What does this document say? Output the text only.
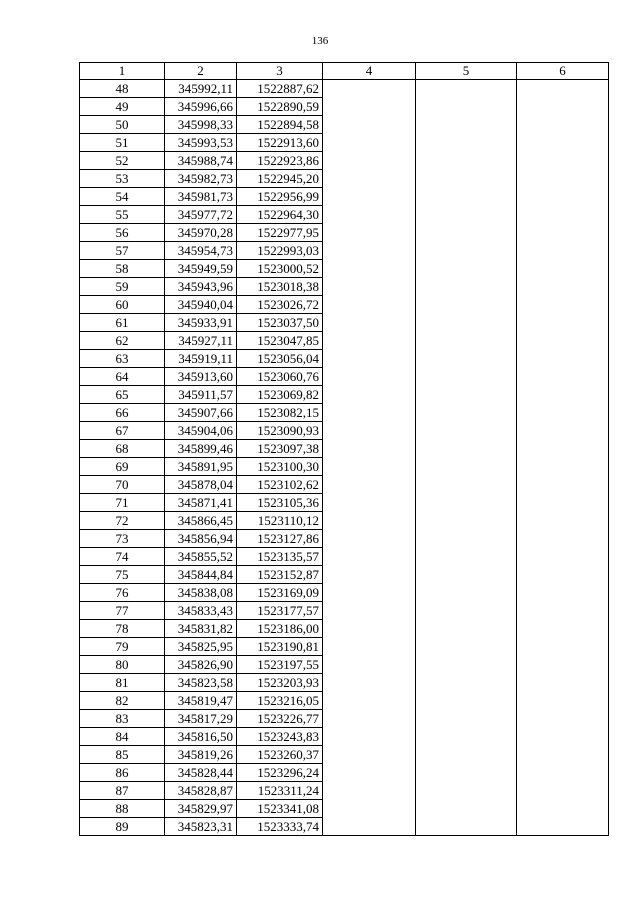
136
1	2	3	4	5	6
48	345992,11	1522887,62			
49	345996,66	1522890,59			
50	345998,33	1522894,58			
51	345993,53	1522913,60			
52	345988,74	1522923,86			
53	345982,73	1522945,20			
54	345981,73	1522956,99			
55	345977,72	1522964,30			
56	345970,28	1522977,95			
57	345954,73	1522993,03			
58	345949,59	1523000,52			
59	345943,96	1523018,38			
60	345940,04	1523026,72			
61	345933,91	1523037,50			
62	345927,11	1523047,85			
63	345919,11	1523056,04			
64	345913,60	1523060,76			
65	345911,57	1523069,82			
66	345907,66	1523082,15			
67	345904,06	1523090,93			
68	345899,46	1523097,38			
69	345891,95	1523100,30			
70	345878,04	1523102,62			
71	345871,41	1523105,36			
72	345866,45	1523110,12			
73	345856,94	1523127,86			
74	345855,52	1523135,57			
75	345844,84	1523152,87			
76	345838,08	1523169,09			
77	345833,43	1523177,57			
78	345831,82	1523186,00			
79	345825,95	1523190,81			
80	345826,90	1523197,55			
81	345823,58	1523203,93			
82	345819,47	1523216,05			
83	345817,29	1523226,77			
84	345816,50	1523243,83			
85	345819,26	1523260,37			
86	345828,44	1523296,24			
87	345828,87	1523311,24			
88	345829,97	1523341,08			
89	345823,31	1523333,74			
